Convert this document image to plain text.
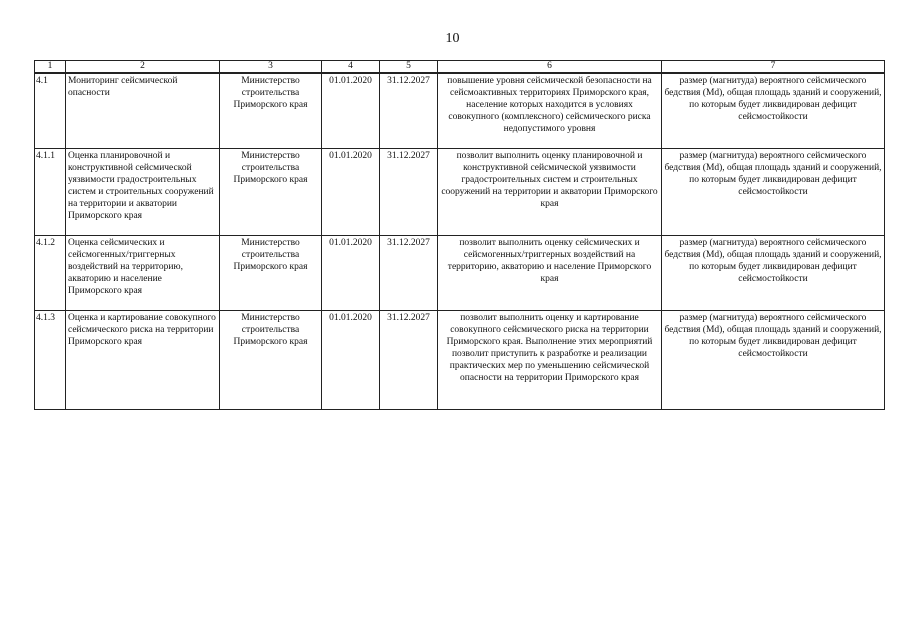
10
1	2	3	4	5	6	7
4.1	Мониторинг сейсмической опасности	Министерство строительства Приморского края	01.01.2020	31.12.2027	повышение уровня сейсмической безопасности на сейсмоактивных территориях Приморского края, население которых находится в условиях совокупного (комплексного) сейсмического риска недопустимого уровня	размер (магнитуда) вероятного сейсмического бедствия (Md), общая площадь зданий и сооружений, по которым будет ликвидирован дефицит сейсмостойкости
4.1.1	Оценка планировочной и конструктивной сейсмической уязвимости градостроительных систем и строительных сооружений на территории и акватории Приморского края	Министерство строительства Приморского края	01.01.2020	31.12.2027	позволит выполнить оценку планировочной и конструктивной сейсмической уязвимости градостроительных систем и строительных сооружений на территории и акватории Приморского края	размер (магнитуда) вероятного сейсмического бедствия (Md), общая площадь зданий и сооружений, по которым будет ликвидирован дефицит сейсмостойкости
4.1.2	Оценка сейсмических и сейсмогенных/триггерных воздействий на территорию, акваторию и население Приморского края	Министерство строительства Приморского края	01.01.2020	31.12.2027	позволит выполнить оценку сейсмических и сейсмогенных/триггерных воздействий на территорию, акваторию и население Приморского края	размер (магнитуда) вероятного сейсмического бедствия (Md), общая площадь зданий и сооружений, по которым будет ликвидирован дефицит сейсмостойкости
4.1.3	Оценка и картирование совокупного сейсмического риска на территории Приморского края	Министерство строительства Приморского края	01.01.2020	31.12.2027	позволит выполнить оценку и картирование совокупного сейсмического риска на территории Приморского края. Выполнение этих мероприятий позволит приступить к разработке и реализации практических мер по уменьшению сейсмической опасности на территории Приморского края	размер (магнитуда) вероятного сейсмического бедствия (Md), общая площадь зданий и сооружений, по которым будет ликвидирован дефицит сейсмостойкости
